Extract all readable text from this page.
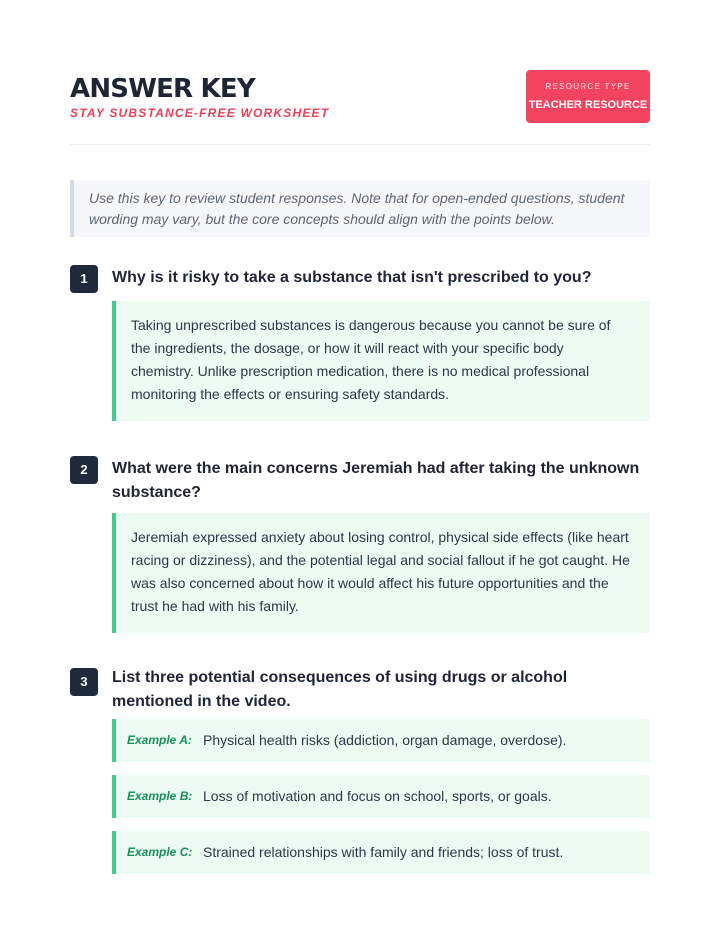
ANSWER KEY
STAY SUBSTANCE-FREE WORKSHEET
RESOURCE TYPE
TEACHER RESOURCE
Use this key to review student responses. Note that for open-ended questions, student wording may vary, but the core concepts should align with the points below.
1	Why is it risky to take a substance that isn't prescribed to you?
Taking unprescribed substances is dangerous because you cannot be sure of the ingredients, the dosage, or how it will react with your specific body chemistry. Unlike prescription medication, there is no medical professional monitoring the effects or ensuring safety standards.
2	What were the main concerns Jeremiah had after taking the unknown substance?
Jeremiah expressed anxiety about losing control, physical side effects (like heart racing or dizziness), and the potential legal and social fallout if he got caught. He was also concerned about how it would affect his future opportunities and the trust he had with his family.
3	List three potential consequences of using drugs or alcohol mentioned in the video.
Example A: Physical health risks (addiction, organ damage, overdose).
Example B: Loss of motivation and focus on school, sports, or goals.
Example C: Strained relationships with family and friends; loss of trust.
